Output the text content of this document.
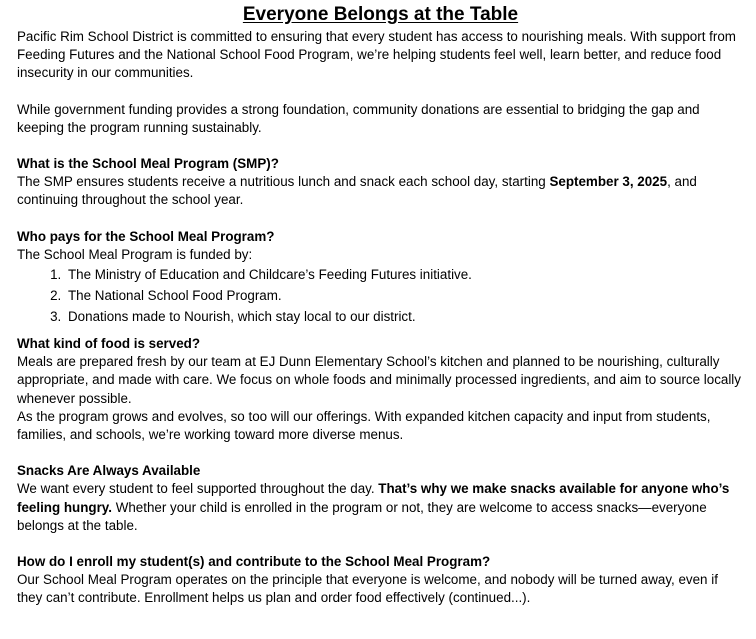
Everyone Belongs at the Table

Pacific Rim School District is committed to ensuring that every student has access to nourishing meals. With support from Feeding Futures and the National School Food Program, we’re helping students feel well, learn better, and reduce food insecurity in our communities.

While government funding provides a strong foundation, community donations are essential to bridging the gap and keeping the program running sustainably.

What is the School Meal Program (SMP)?

The SMP ensures students receive a nutritious lunch and snack each school day, starting September 3, 2025, and continuing throughout the school year.

Who pays for the School Meal Program?

The School Meal Program is funded by:

1. The Ministry of Education and Childcare’s Feeding Futures initiative.
2. The National School Food Program.
3. Donations made to Nourish, which stay local to our district.
What kind of food is served?

Meals are prepared fresh by our team at EJ Dunn Elementary School’s kitchen and planned to be nourishing, culturally appropriate, and made with care. We focus on whole foods and minimally processed ingredients, and aim to source locally whenever possible.

As the program grows and evolves, so too will our offerings. With expanded kitchen capacity and input from students, families, and schools, we’re working toward more diverse menus.

Snacks Are Always Available

We want every student to feel supported throughout the day. That’s why we make snacks available for anyone who’s feeling hungry. Whether your child is enrolled in the program or not, they are welcome to access snacks—everyone belongs at the table.

How do I enroll my student(s) and contribute to the School Meal Program?

Our School Meal Program operates on the principle that everyone is welcome, and nobody will be turned away, even if they can’t contribute. Enrollment helps us plan and order food effectively (continued...).
